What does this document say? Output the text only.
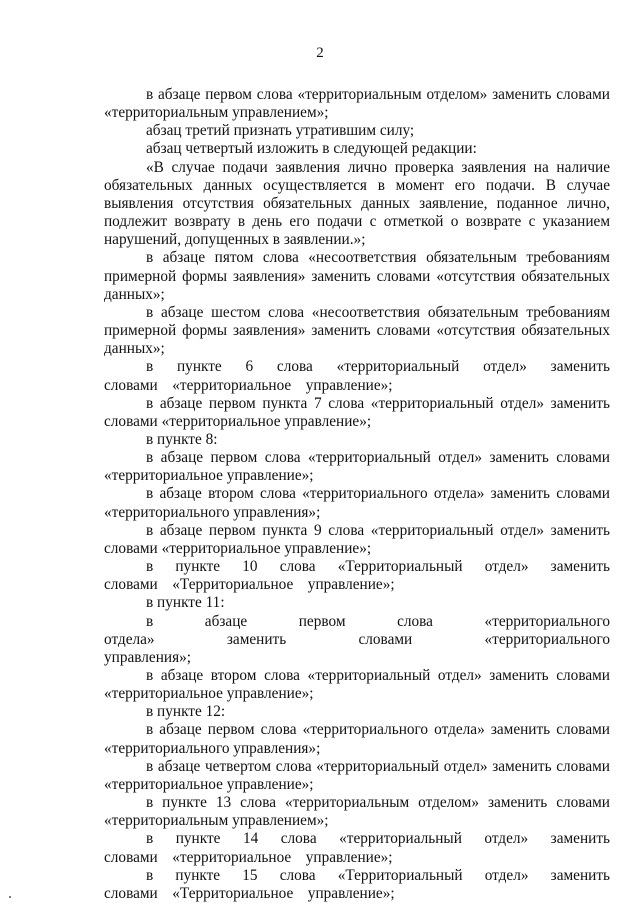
2

в абзаце первом слова «территориальным отделом» заменить словами «территориальным управлением»;

абзац третий признать утратившим силу;

абзац четвертый изложить в следующей редакции:

«В случае подачи заявления лично проверка заявления на наличие обязательных данных осуществляется в момент его подачи. В случае выявления отсутствия обязательных данных заявление, поданное лично, подлежит возврату в день его подачи с отметкой о возврате с указанием нарушений, допущенных в заявлении.»;

в абзаце пятом слова «несоответствия обязательным требованиям примерной формы заявления» заменить словами «отсутствия обязательных данных»;

в абзаце шестом слова «несоответствия обязательным требованиям примерной формы заявления» заменить словами «отсутствия обязательных данных»;

в пункте 6 слова «территориальный отдел» заменить словами «территориальное управление»;

в абзаце первом пункта 7 слова «территориальный отдел» заменить словами «территориальное управление»;

в пункте 8:

в абзаце первом слова «территориальный отдел» заменить словами «территориальное управление»;

в абзаце втором слова «территориального отдела» заменить словами «территориального управления»;

в абзаце первом пункта 9 слова «территориальный отдел» заменить словами «территориальное управление»;

в пункте 10 слова «Территориальный отдел» заменить словами «Территориальное управление»;

в пункте 11:

в абзаце первом слова «территориального отдела» заменить словами «территориального управления»;

в абзаце втором слова «территориальный отдел» заменить словами «территориальное управление»;

в пункте 12:

в абзаце первом слова «территориального отдела» заменить словами «территориального управления»;

в абзаце четвертом слова «территориальный отдел» заменить словами «территориальное управление»;

в пункте 13 слова «территориальным отделом» заменить словами «территориальным управлением»;

в пункте 14 слова «территориальный отдел» заменить словами «территориальное управление»;

в пункте 15 слова «Территориальный отдел» заменить словами «Территориальное управление»;
